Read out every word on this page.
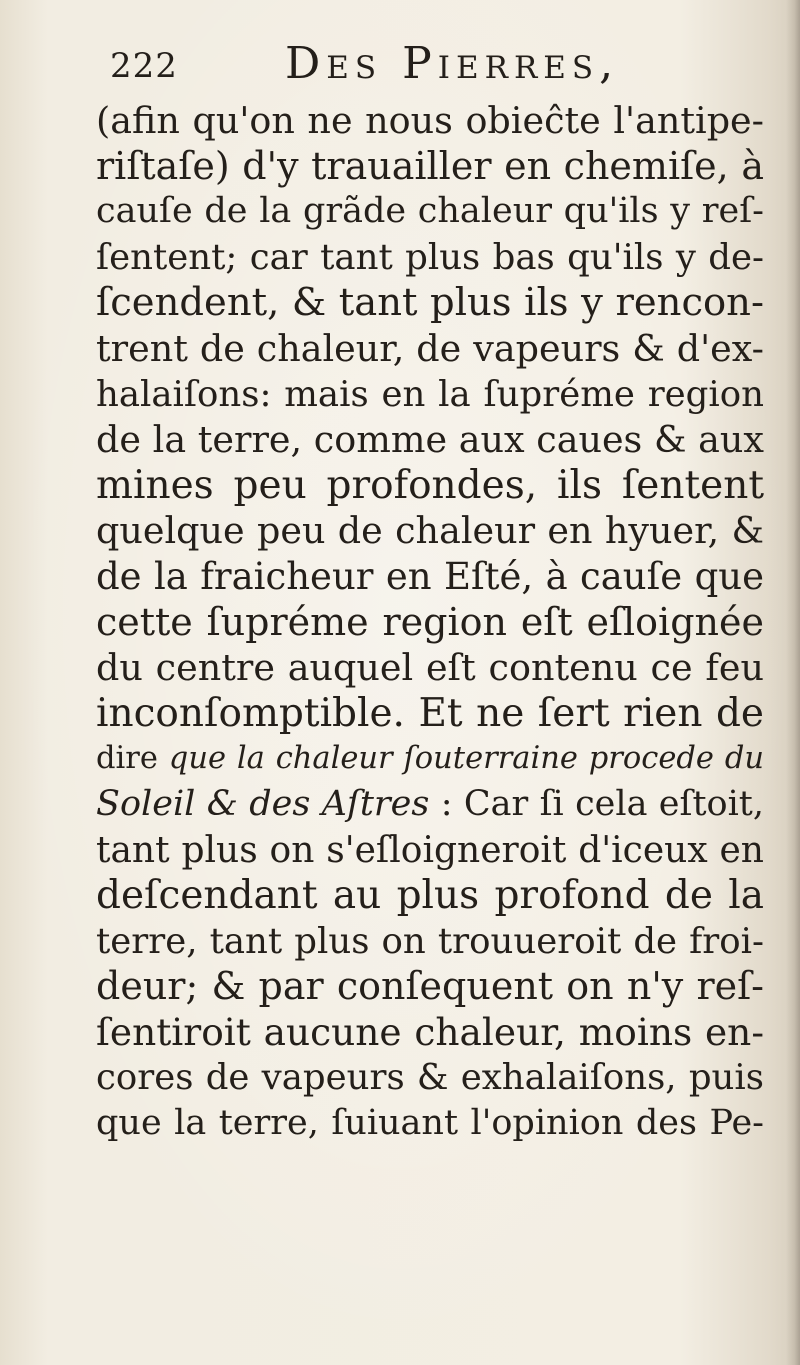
222 Des Pierres,
(afin qu'on ne nous obieĉte l'antipe-
riſtaſe) d'y trauailler en chemiſe, à
cauſe de la grãde chaleur qu'ils y reſ-
ſentent; car tant plus bas qu'ils y de-
ſcendent, & tant plus ils y rencon-
trent de chaleur, de vapeurs & d'ex-
halaiſons: mais en la ſupréme region
de la terre, comme aux caues & aux
mines peu profondes, ils ſentent
quelque peu de chaleur en hyuer, &
de la fraicheur en Eſté, à cauſe que
cette ſupréme region eſt eſloignée
du centre auquel eſt contenu ce feu
inconſomptible. Et ne ſert rien de
dire que la chaleur ſouterraine procede du
Soleil & des Aſtres : Car ſi cela eſtoit,
tant plus on s'eſloigneroit d'iceux en
deſcendant au plus profond de la
terre, tant plus on trouueroit de froi-
deur; & par conſequent on n'y reſ-
ſentiroit aucune chaleur, moins en-
cores de vapeurs & exhalaiſons, puis
que la terre, ſuiuant l'opinion des Pe-
